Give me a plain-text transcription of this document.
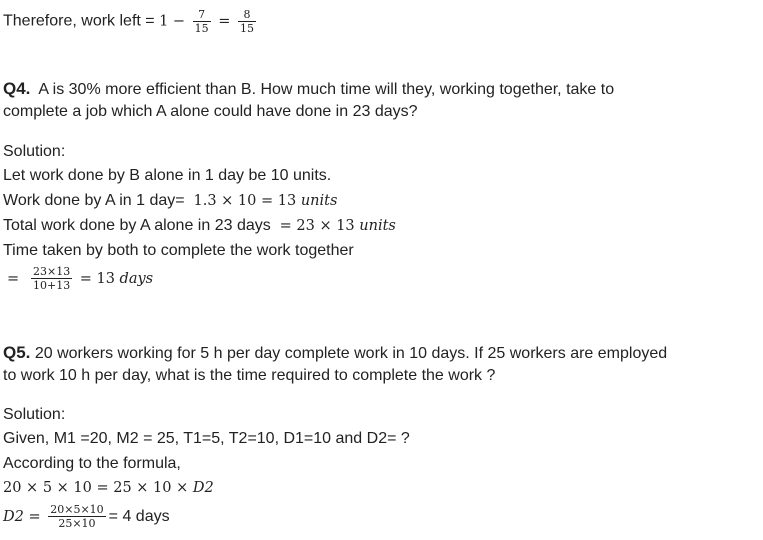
Therefore, work left = $1 - \frac{7}{15} = \frac{8}{15}$
Q4. A is 30% more efficient than B. How much time will they, working together, take to
complete a job which A alone could have done in 23 days?
Solution:
Let work done by B alone in 1 day be 10 units.
Work done by A in 1 day= 1.3 × 10 = 13 units
Total work done by A alone in 23 days = 23 × 13 units
Time taken by both to complete the work together
= $\frac{23\times 13}{10+13} = 13$ days
Q5. 20 workers working for 5 h per day complete work in 10 days. If 25 workers are employed
to work 10 h per day, what is the time required to complete the work ?
Solution:
Given, M1 =20, M2 = 25, T1=5, T2=10, D1=10 and D2= ?
According to the formula,
20 × 5 × 10 = 25 × 10 × D2
$D2 = \frac{20\times 5\times 10}{25\times 10} = 4$ days
